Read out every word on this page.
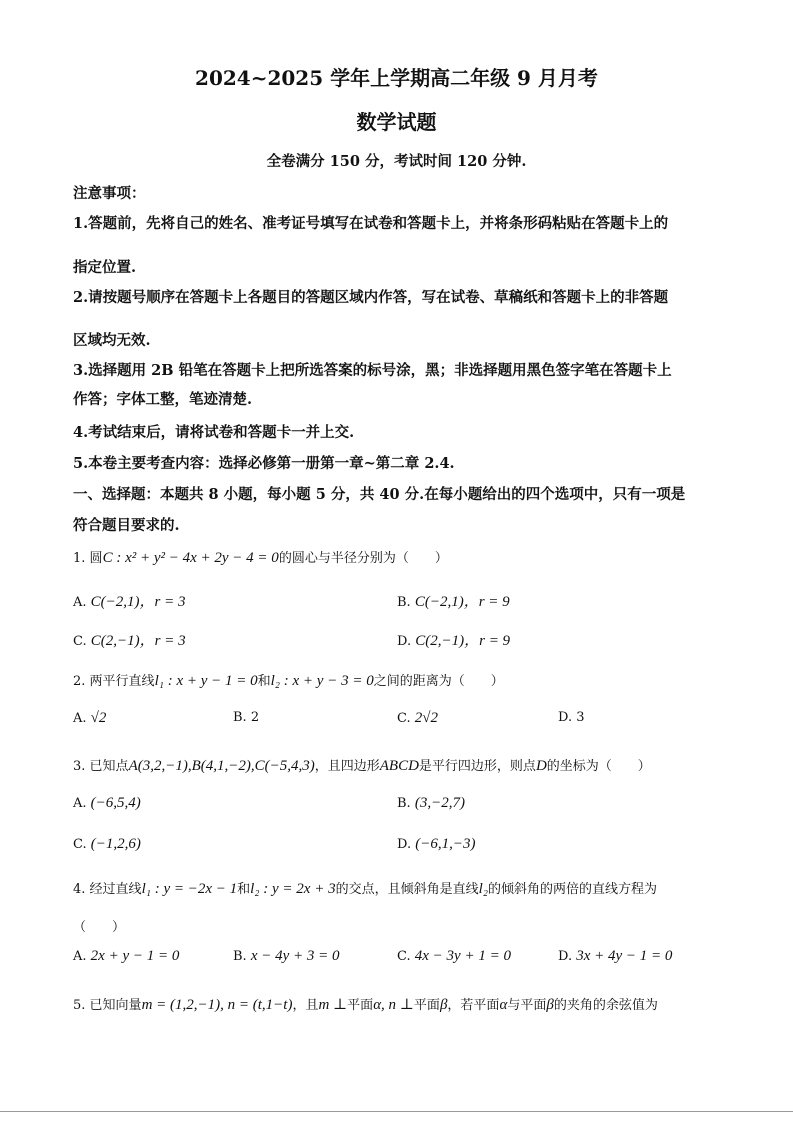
2024~2025 学年上学期高二年级 9 月月考
数学试题
全卷满分 150 分，考试时间 120 分钟.
注意事项：
1.答题前，先将自己的姓名、准考证号填写在试卷和答题卡上，并将条形码粘贴在答题卡上的
指定位置.
2.请按题号顺序在答题卡上各题目的答题区域内作答，写在试卷、草稿纸和答题卡上的非答题
区域均无效.
3.选择题用 2B 铅笔在答题卡上把所选答案的标号涂，黑；非选择题用黑色签字笔在答题卡上
作答；字体工整，笔迹清楚.
4.考试结束后，请将试卷和答题卡一并上交.
5.本卷主要考查内容：选择必修第一册第一章~第二章 2.4.
一、选择题：本题共 8 小题，每小题 5 分，共 40 分.在每小题给出的四个选项中，只有一项是
符合题目要求的.
1. 圆C : x² + y² − 4x + 2y − 4 = 0的圆心与半径分别为（　　）
A. C(−2,1)，r = 3	B. C(−2,1)，r = 9
C. C(2,−1)，r = 3	D. C(2,−1)，r = 9
2. 两平行直线l₁ : x + y − 1 = 0和l₂ : x + y − 3 = 0之间的距离为（　　）
A. √2	B. 2	C. 2√2	D. 3
3. 已知点A(3,2,−1),B(4,1,−2),C(−5,4,3)，且四边形ABCD是平行四边形，则点D的坐标为（　　）
A. (−6,5,4)	B. (3,−2,7)
C. (−1,2,6)	D. (−6,1,−3)
4. 经过直线l₁ : y = −2x − 1和l₂ : y = 2x + 3的交点，且倾斜角是直线l₂的倾斜角的两倍的直线方程为
（　　）
A. 2x + y − 1 = 0	B. x − 4y + 3 = 0	C. 4x − 3y + 1 = 0	D. 3x + 4y − 1 = 0
5. 已知向量m = (1,2,−1), n = (t,1−t)，且m ⊥平面α, n ⊥平面β，若平面α与平面β的夹角的余弦值为
